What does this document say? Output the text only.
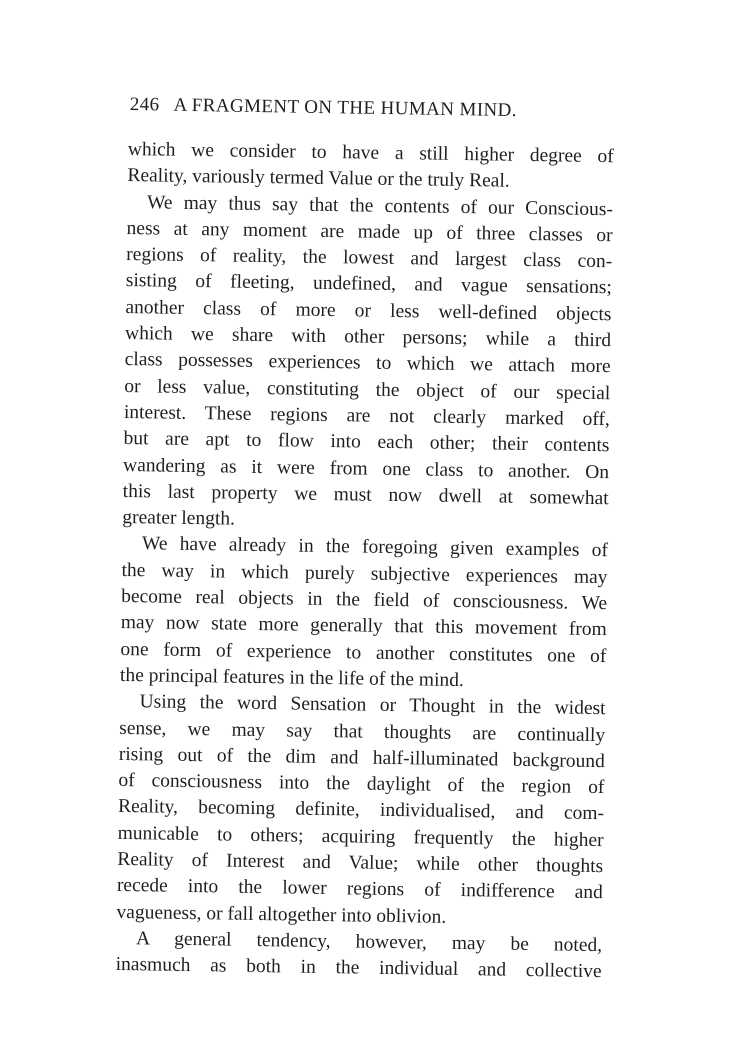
246 A FRAGMENT ON THE HUMAN MIND.
which we consider to have a still higher degree of
Reality, variously termed Value or the truly Real.
We may thus say that the contents of our Conscious-
ness at any moment are made up of three classes or
regions of reality, the lowest and largest class con-
sisting of fleeting, undefined, and vague sensations;
another class of more or less well-defined objects
which we share with other persons; while a third
class possesses experiences to which we attach more
or less value, constituting the object of our special
interest. These regions are not clearly marked off,
but are apt to flow into each other; their contents
wandering as it were from one class to another. On
this last property we must now dwell at somewhat
greater length.
We have already in the foregoing given examples of
the way in which purely subjective experiences may
become real objects in the field of consciousness. We
may now state more generally that this movement from
one form of experience to another constitutes one of
the principal features in the life of the mind.
Using the word Sensation or Thought in the widest
sense, we may say that thoughts are continually
rising out of the dim and half-illuminated background
of consciousness into the daylight of the region of
Reality, becoming definite, individualised, and com-
municable to others; acquiring frequently the higher
Reality of Interest and Value; while other thoughts
recede into the lower regions of indifference and
vagueness, or fall altogether into oblivion.
A general tendency, however, may be noted,
inasmuch as both in the individual and collective
